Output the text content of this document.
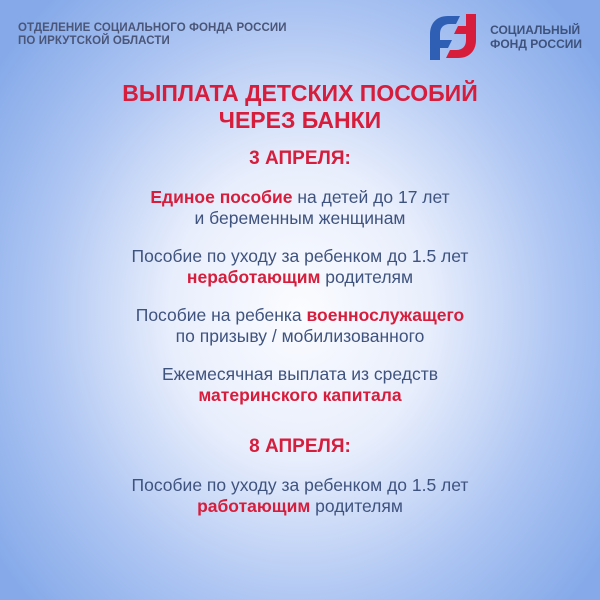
ОТДЕЛЕНИЕ СОЦИАЛЬНОГО ФОНДА РОССИИ
ПО ИРКУТСКОЙ ОБЛАСТИ
СОЦИАЛЬНЫЙ
ФОНД РОССИИ
ВЫПЛАТА ДЕТСКИХ ПОСОБИЙ
ЧЕРЕЗ БАНКИ
3 АПРЕЛЯ:
Единое пособие на детей до 17 лет
и беременным женщинам
Пособие по уходу за ребенком до 1.5 лет
неработающим родителям
Пособие на ребенка военнослужащего
по призыву / мобилизованного
Ежемесячная выплата из средств
материнского капитала
8 АПРЕЛЯ:
Пособие по уходу за ребенком до 1.5 лет
работающим родителям
